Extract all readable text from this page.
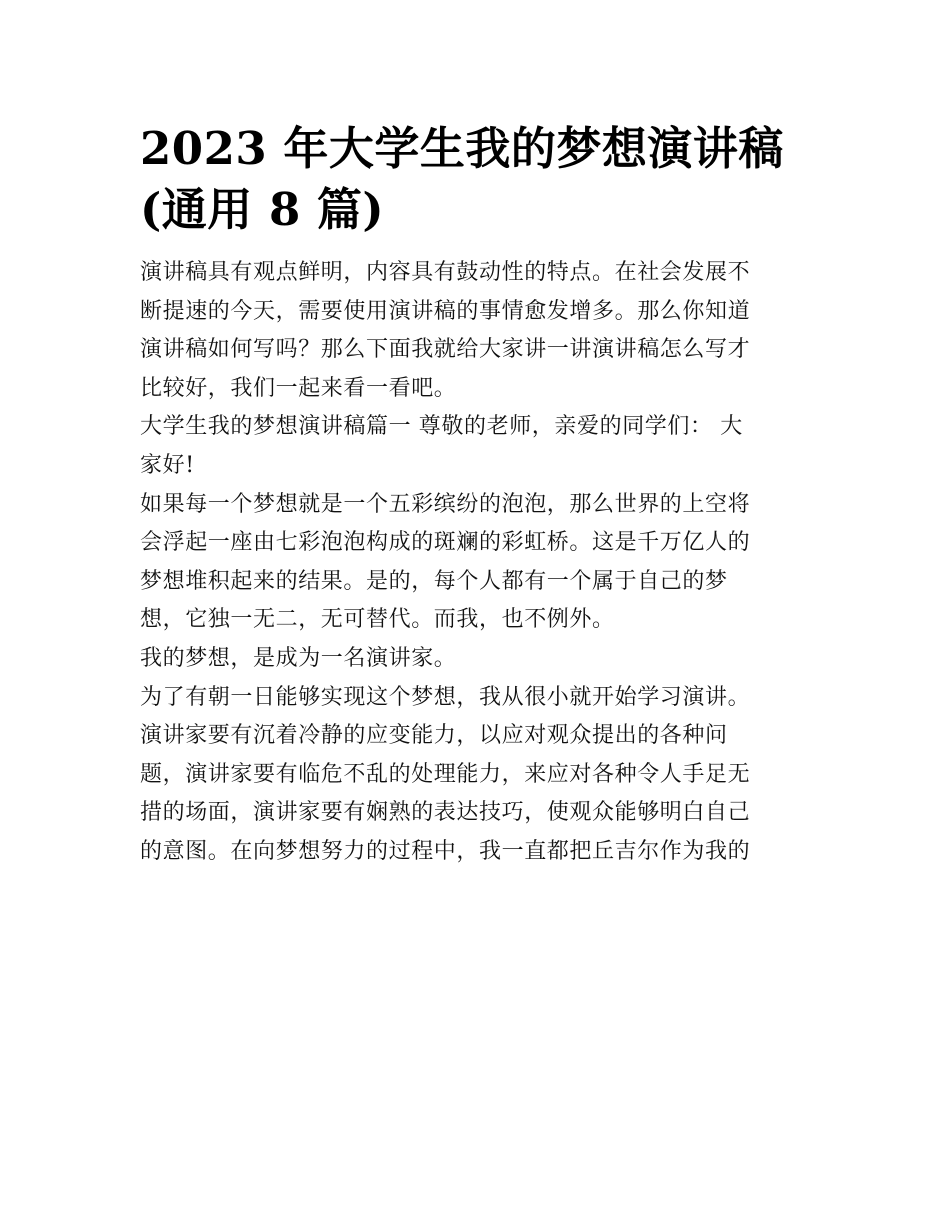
2023 年大学生我的梦想演讲稿
(通用 8 篇)

演讲稿具有观点鲜明，内容具有鼓动性的特点。在社会发展不
断提速的今天，需要使用演讲稿的事情愈发增多。那么你知道
演讲稿如何写吗？那么下面我就给大家讲一讲演讲稿怎么写才
比较好，我们一起来看一看吧。

大学生我的梦想演讲稿篇一 尊敬的老师，亲爱的同学们： 大
家好!

如果每一个梦想就是一个五彩缤纷的泡泡，那么世界的上空将
会浮起一座由七彩泡泡构成的斑斓的彩虹桥。这是千万亿人的
梦想堆积起来的结果。是的，每个人都有一个属于自己的梦
想，它独一无二，无可替代。而我，也不例外。

我的梦想，是成为一名演讲家。

为了有朝一日能够实现这个梦想，我从很小就开始学习演讲。
演讲家要有沉着冷静的应变能力，以应对观众提出的各种问
题，演讲家要有临危不乱的处理能力，来应对各种令人手足无
措的场面，演讲家要有娴熟的表达技巧，使观众能够明白自己
的意图。在向梦想努力的过程中，我一直都把丘吉尔作为我的
